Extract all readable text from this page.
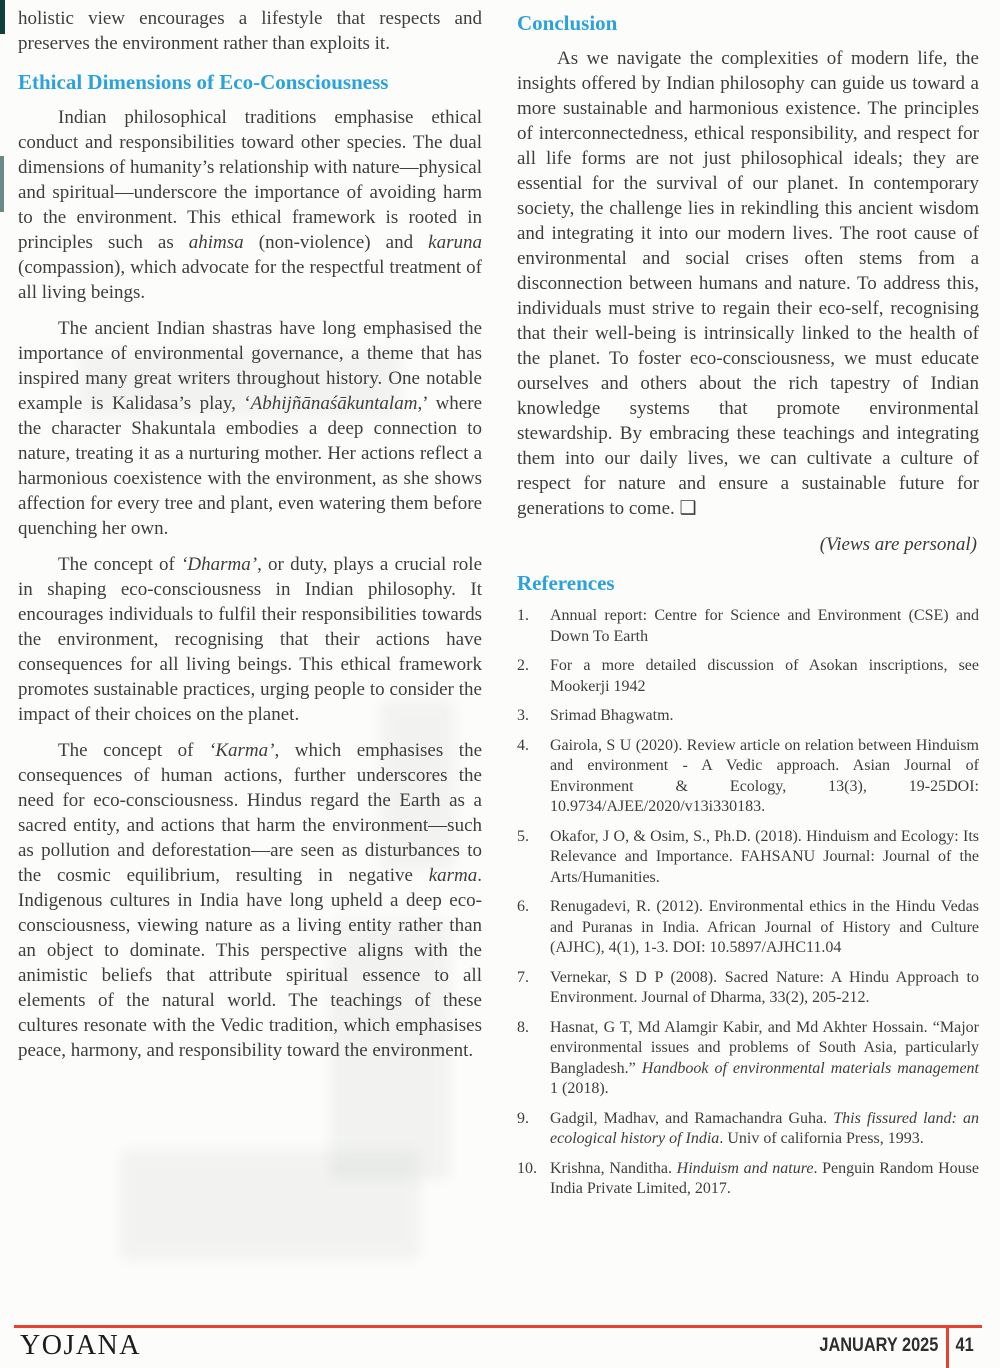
holistic view encourages a lifestyle that respects and preserves the environment rather than exploits it.

Ethical Dimensions of Eco-Consciousness

Indian philosophical traditions emphasise ethical conduct and responsibilities toward other species. The dual dimensions of humanity’s relationship with nature—physical and spiritual—underscore the importance of avoiding harm to the environment. This ethical framework is rooted in principles such as ahimsa (non-violence) and karuna (compassion), which advocate for the respectful treatment of all living beings.

The ancient Indian shastras have long emphasised the importance of environmental governance, a theme that has inspired many great writers throughout history. One notable example is Kalidasa’s play, ‘Abhijñānaśākuntalam,’ where the character Shakuntala embodies a deep connection to nature, treating it as a nurturing mother. Her actions reflect a harmonious coexistence with the environment, as she shows affection for every tree and plant, even watering them before quenching her own.

The concept of ‘Dharma’, or duty, plays a crucial role in shaping eco-consciousness in Indian philosophy. It encourages individuals to fulfil their responsibilities towards the environment, recognising that their actions have consequences for all living beings. This ethical framework promotes sustainable practices, urging people to consider the impact of their choices on the planet.

The concept of ‘Karma’, which emphasises the consequences of human actions, further underscores the need for eco-consciousness. Hindus regard the Earth as a sacred entity, and actions that harm the environment—such as pollution and deforestation—are seen as disturbances to the cosmic equilibrium, resulting in negative karma. Indigenous cultures in India have long upheld a deep eco-consciousness, viewing nature as a living entity rather than an object to dominate. This perspective aligns with the animistic beliefs that attribute spiritual essence to all elements of the natural world. The teachings of these cultures resonate with the Vedic tradition, which emphasises peace, harmony, and responsibility toward the environment.

Conclusion

As we navigate the complexities of modern life, the insights offered by Indian philosophy can guide us toward a more sustainable and harmonious existence. The principles of interconnectedness, ethical responsibility, and respect for all life forms are not just philosophical ideals; they are essential for the survival of our planet. In contemporary society, the challenge lies in rekindling this ancient wisdom and integrating it into our modern lives. The root cause of environmental and social crises often stems from a disconnection between humans and nature. To address this, individuals must strive to regain their eco-self, recognising that their well-being is intrinsically linked to the health of the planet. To foster eco-consciousness, we must educate ourselves and others about the rich tapestry of Indian knowledge systems that promote environmental stewardship. By embracing these teachings and integrating them into our daily lives, we can cultivate a culture of respect for nature and ensure a sustainable future for generations to come. ❑

(Views are personal)

References
1.	Annual report: Centre for Science and Environment (CSE) and Down To Earth
2.	For a more detailed discussion of Asokan inscriptions, see Mookerji 1942
3.	Srimad Bhagwatm.
4.	Gairola, S U (2020). Review article on relation between Hinduism and environment - A Vedic approach. Asian Journal of Environment & Ecology, 13(3), 19-25DOI: 10.9734/AJEE/2020/v13i330183.
5.	Okafor, J O, & Osim, S., Ph.D. (2018). Hinduism and Ecology: Its Relevance and Importance. FAHSANU Journal: Journal of the Arts/Humanities.
6.	Renugadevi, R. (2012). Environmental ethics in the Hindu Vedas and Puranas in India. African Journal of History and Culture (AJHC), 4(1), 1-3. DOI: 10.5897/AJHC11.04
7.	Vernekar, S D P (2008). Sacred Nature: A Hindu Approach to Environment. Journal of Dharma, 33(2), 205-212.
8.	Hasnat, G T, Md Alamgir Kabir, and Md Akhter Hossain. “Major environmental issues and problems of South Asia, particularly Bangladesh.” Handbook of environmental materials management 1 (2018).
9.	Gadgil, Madhav, and Ramachandra Guha. This fissured land: an ecological history of India. Univ of california Press, 1993.
10. Krishna, Nanditha. Hinduism and nature. Penguin Random House India Private Limited, 2017.
YOJANA	JANUARY 2025 41
